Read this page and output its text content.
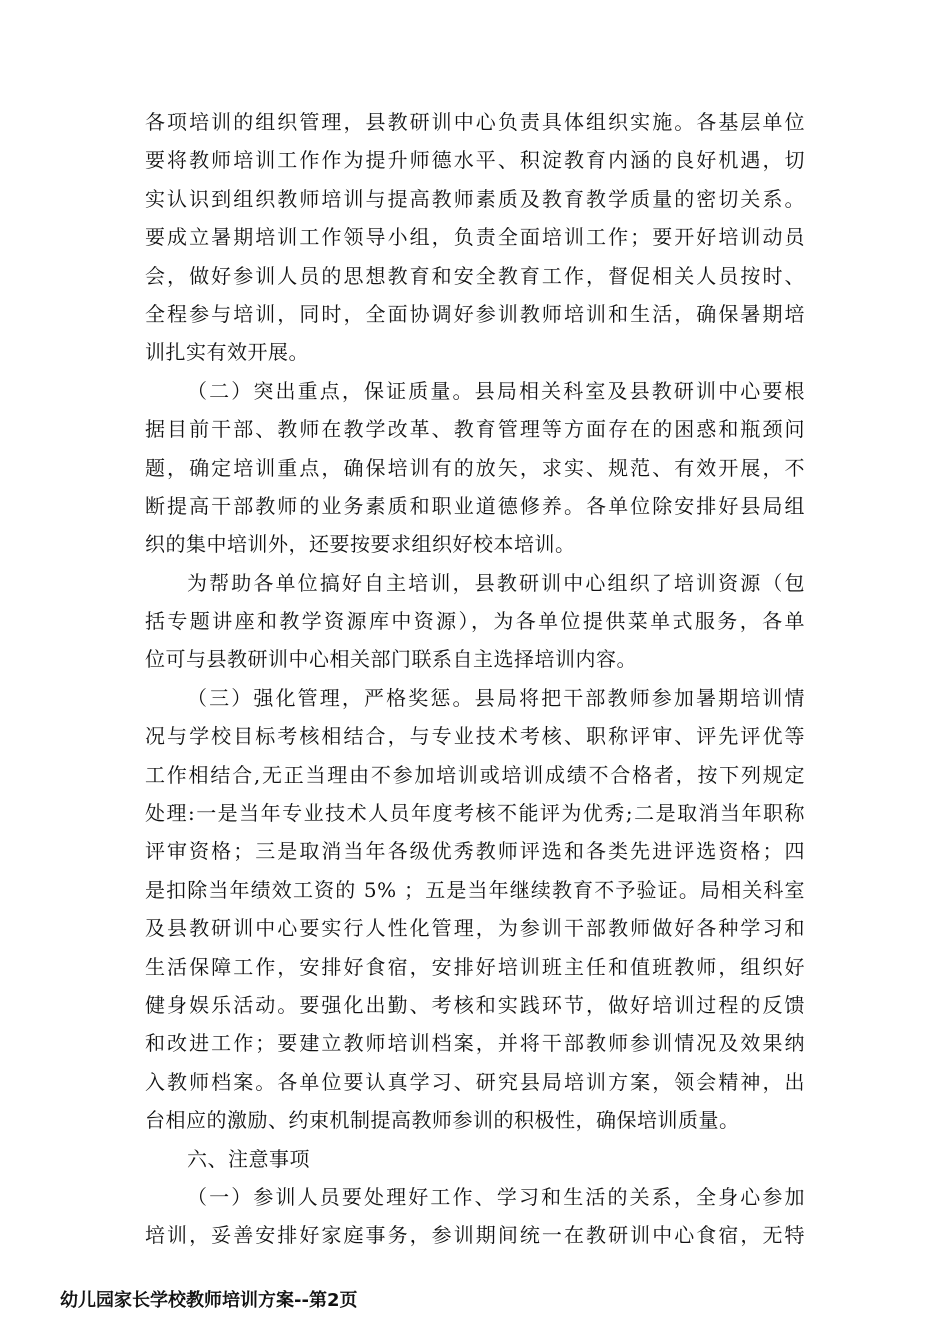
各项培训的组织管理，县教研训中心负责具体组织实施。各基层单位
要将教师培训工作作为提升师德水平、积淀教育内涵的良好机遇，切
实认识到组织教师培训与提高教师素质及教育教学质量的密切关系。
要成立暑期培训工作领导小组，负责全面培训工作；要开好培训动员
会，做好参训人员的思想教育和安全教育工作，督促相关人员按时、
全程参与培训，同时，全面协调好参训教师培训和生活，确保暑期培
训扎实有效开展。
（二）突出重点，保证质量。县局相关科室及县教研训中心要根
据目前干部、教师在教学改革、教育管理等方面存在的困惑和瓶颈问
题，确定培训重点，确保培训有的放矢，求实、规范、有效开展，不
断提高干部教师的业务素质和职业道德修养。各单位除安排好县局组
织的集中培训外，还要按要求组织好校本培训。
为帮助各单位搞好自主培训，县教研训中心组织了培训资源（包
括专题讲座和教学资源库中资源），为各单位提供菜单式服务，各单
位可与县教研训中心相关部门联系自主选择培训内容。
（三）强化管理，严格奖惩。县局将把干部教师参加暑期培训情
况与学校目标考核相结合，与专业技术考核、职称评审、评先评优等
工作相结合,无正当理由不参加培训或培训成绩不合格者，按下列规定
处理:一是当年专业技术人员年度考核不能评为优秀;二是取消当年职称
评审资格；三是取消当年各级优秀教师评选和各类先进评选资格；四
是扣除当年绩效工资的 5% ；五是当年继续教育不予验证。局相关科室
及县教研训中心要实行人性化管理，为参训干部教师做好各种学习和
生活保障工作，安排好食宿，安排好培训班主任和值班教师，组织好
健身娱乐活动。要强化出勤、考核和实践环节，做好培训过程的反馈
和改进工作；要建立教师培训档案，并将干部教师参训情况及效果纳
入教师档案。各单位要认真学习、研究县局培训方案，领会精神，出
台相应的激励、约束机制提高教师参训的积极性，确保培训质量。
六、注意事项
（一）参训人员要处理好工作、学习和生活的关系，全身心参加
培训，妥善安排好家庭事务，参训期间统一在教研训中心食宿，无特
幼儿园家长学校教师培训方案--第2页
